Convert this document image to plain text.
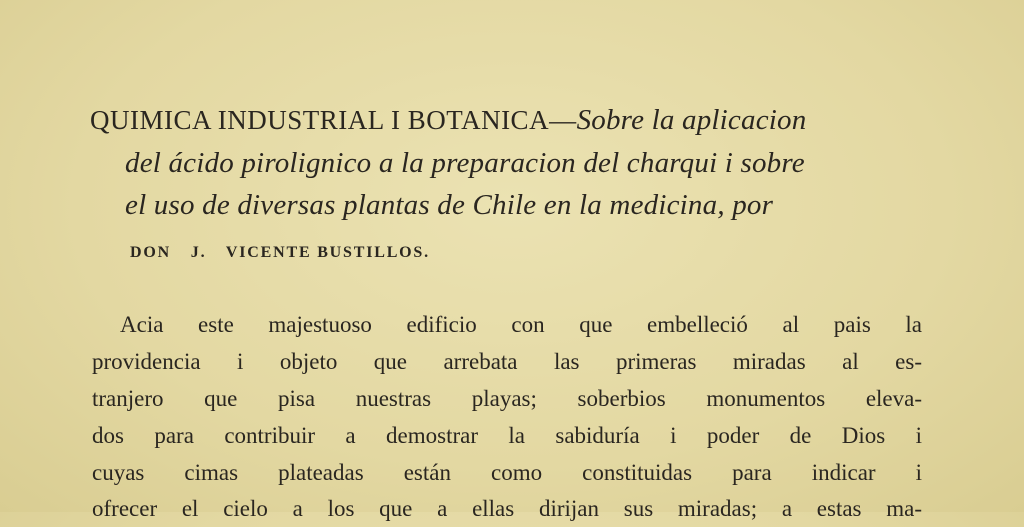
QUIMICA INDUSTRIAL I BOTANICA—Sobre la aplicacion
del ácido pirolignico a la preparacion del charqui i sobre
el uso de diversas plantas de Chile en la medicina, por
DON J. VICENTE BUSTILLOS.
Acia este majestuoso edificio con que embelleció al pais la
providencia i objeto que arrebata las primeras miradas al es-
tranjero que pisa nuestras playas; soberbios monumentos eleva-
dos para contribuir a demostrar la sabiduría i poder de Dios i
cuyas cimas plateadas están como constituidas para indicar i
ofrecer el cielo a los que a ellas dirijan sus miradas; a estas ma-
